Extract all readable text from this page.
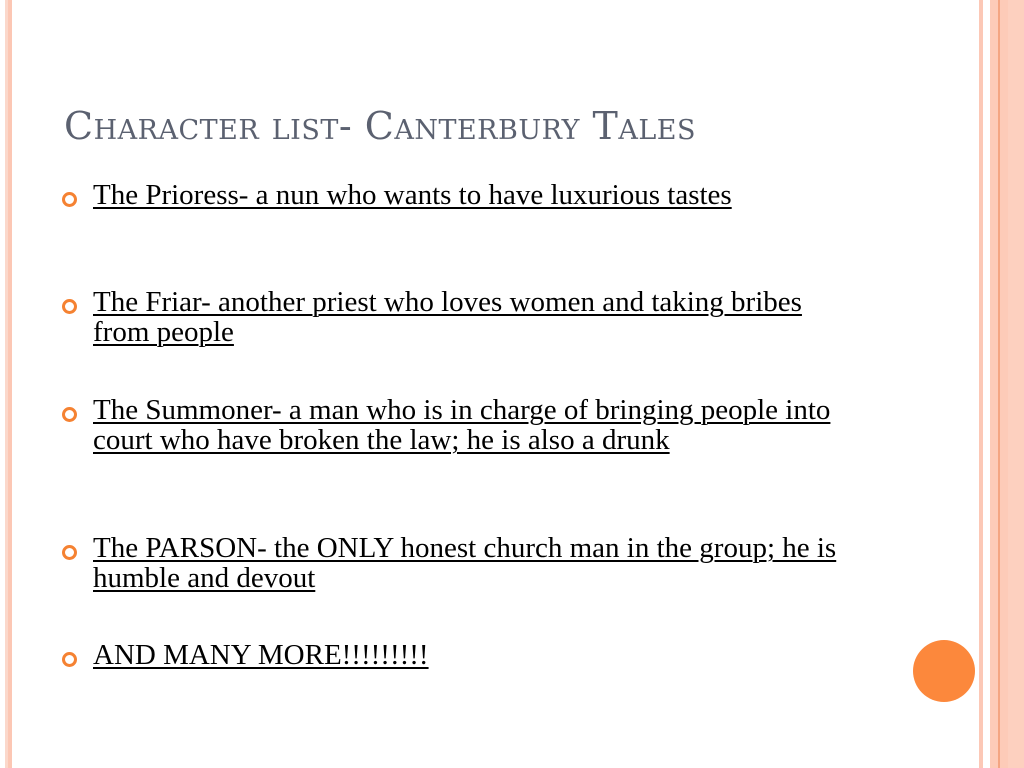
Character list- Canterbury Tales
The Prioress- a nun who wants to have luxurious tastes
The Friar- another priest who loves women and taking bribes from people
The Summoner- a man who is in charge of bringing people into court who have broken the law; he is also a drunk
The PARSON- the ONLY honest church man in the group; he is humble and devout
AND MANY MORE!!!!!!!!!
